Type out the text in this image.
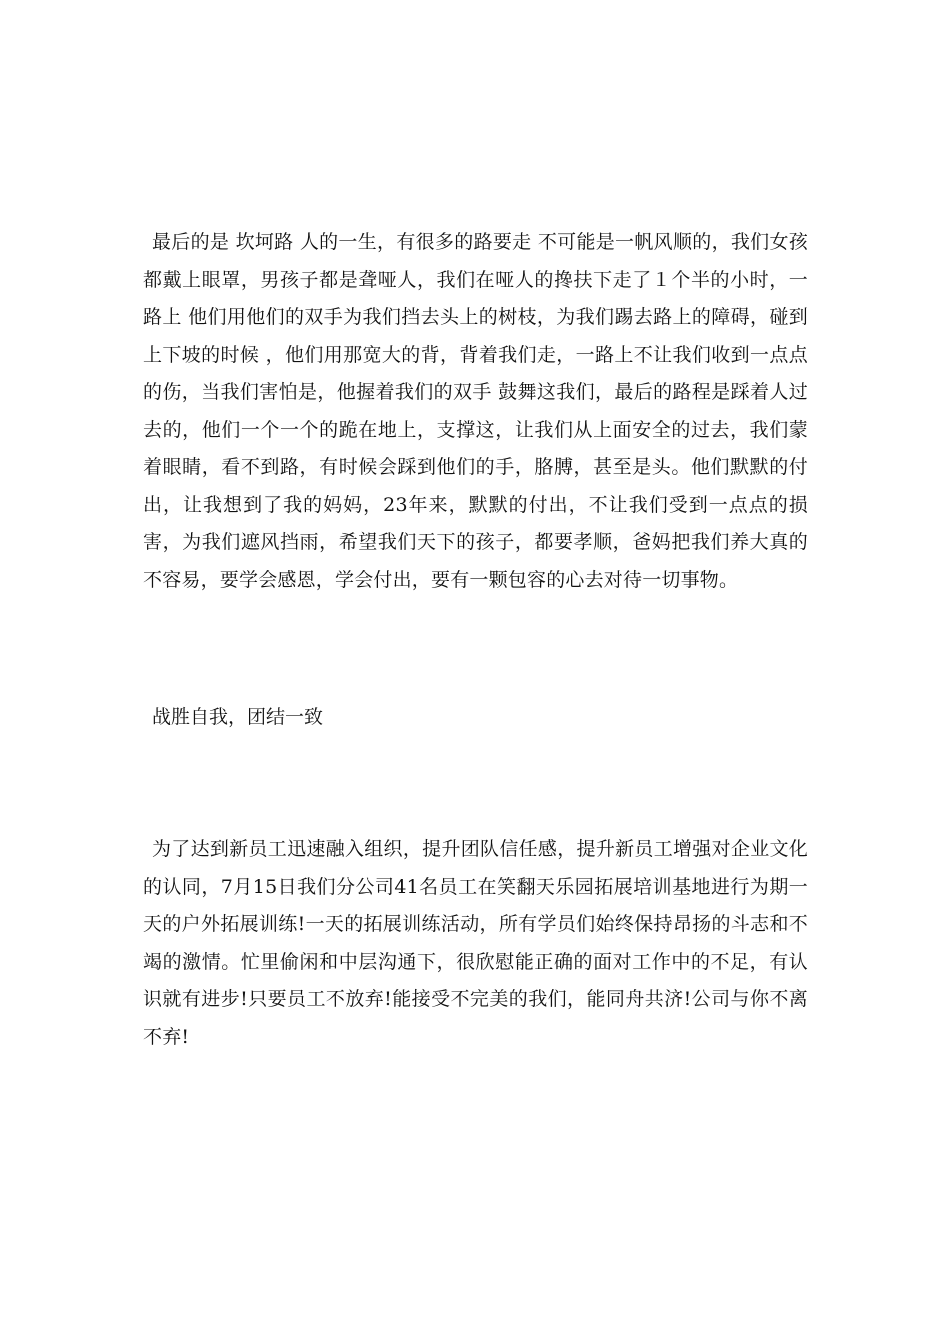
最后的是 坎坷路 人的一生，有很多的路要走 不可能是一帆风顺的，我们女孩都戴上眼罩，男孩子都是聋哑人，我们在哑人的搀扶下走了１个半的小时，一路上 他们用他们的双手为我们挡去头上的树枝，为我们踢去路上的障碍，碰到上下坡的时候 ，他们用那宽大的背，背着我们走，一路上不让我们收到一点点的伤，当我们害怕是，他握着我们的双手 鼓舞这我们，最后的路程是踩着人过去的，他们一个一个的跪在地上，支撑这，让我们从上面安全的过去，我们蒙着眼睛，看不到路，有时候会踩到他们的手，胳膊，甚至是头。他们默默的付出，让我想到了我的妈妈，23年来，默默的付出，不让我们受到一点点的损害，为我们遮风挡雨，希望我们天下的孩子，都要孝顺，爸妈把我们养大真的不容易，要学会感恩，学会付出，要有一颗包容的心去对待一切事物。

战胜自我，团结一致

为了达到新员工迅速融入组织，提升团队信任感，提升新员工增强对企业文化的认同，7月15日我们分公司41名员工在笑翻天乐园拓展培训基地进行为期一天的户外拓展训练!一天的拓展训练活动，所有学员们始终保持昂扬的斗志和不竭的激情。忙里偷闲和中层沟通下，很欣慰能正确的面对工作中的不足，有认识就有进步!只要员工不放弃!能接受不完美的我们，能同舟共济!公司与你不离不弃!
